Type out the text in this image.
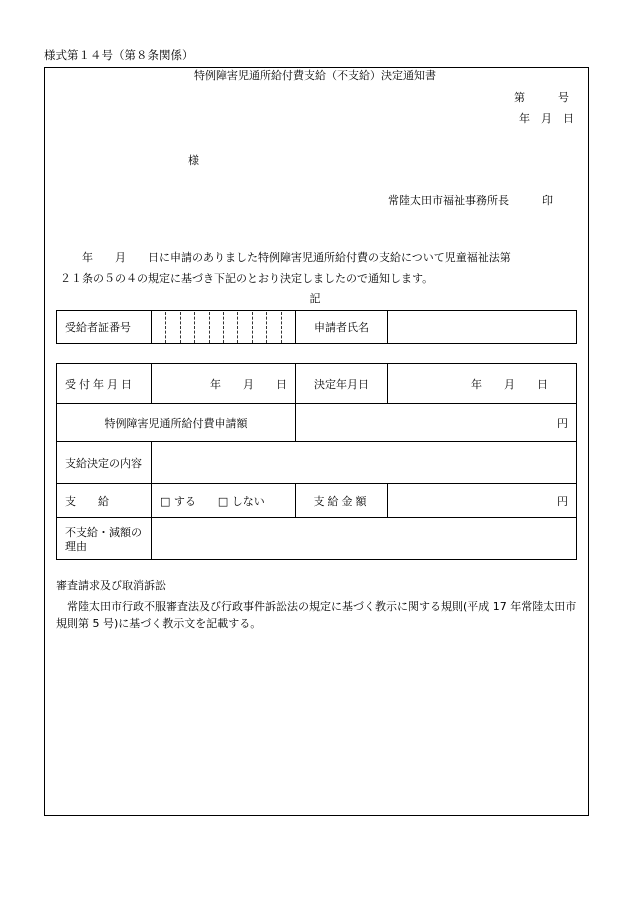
様式第１４号（第８条関係）
特例障害児通所給付費支給（不支給）決定通知書
第　　　号
年　月　日
様
常陸太田市福祉事務所長　　　印
　　年　　月　　日に申請のありました特例障害児通所給付費の支給について児童福祉法第
２１条の５の４の規定に基づき下記のとおり決定しましたので通知します。
記
受給者証番号		申請者氏名	
受付年月日	年　　月　　日	決定年月日	年　　月　　日
特例障害児通所給付費申請額		円	
支給決定の内容			
支　　給	□ する　　□ しない	支給金額	円
不支給・減額の理由			
審査請求及び取消訴訟
常陸太田市行政不服審査法及び行政事件訴訟法の規定に基づく教示に関する規則(平成 17 年常陸太田市規則第 5 号)に基づく教示文を記載する。
